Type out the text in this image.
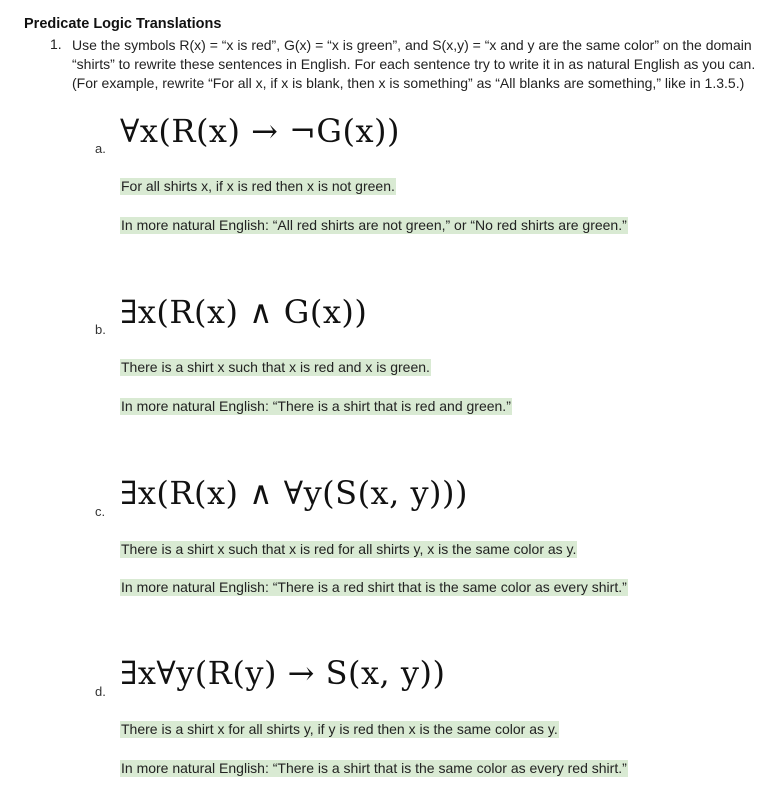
Predicate Logic Translations
1. Use the symbols R(x) = “x is red”, G(x) = “x is green”, and S(x,y) = “x and y are the same color” on the domain “shirts” to rewrite these sentences in English. For each sentence try to write it in as natural English as you can. (For example, rewrite “For all x, if x is blank, then x is something” as “All blanks are something,” like in 1.3.5.)
a. ∀x(R(x) → ¬G(x))
For all shirts x, if x is red then x is not green.
In more natural English: “All red shirts are not green,” or “No red shirts are green.”
b. ∃x(R(x) ∧ G(x))
There is a shirt x such that x is red and x is green.
In more natural English: “There is a shirt that is red and green.”
c. ∃x(R(x) ∧ ∀y(S(x, y)))
There is a shirt x such that x is red for all shirts y, x is the same color as y.
In more natural English: “There is a red shirt that is the same color as every shirt.”
d. ∃x∀y(R(y) → S(x, y))
There is a shirt x for all shirts y, if y is red then x is the same color as y.
In more natural English: “There is a shirt that is the same color as every red shirt.”
